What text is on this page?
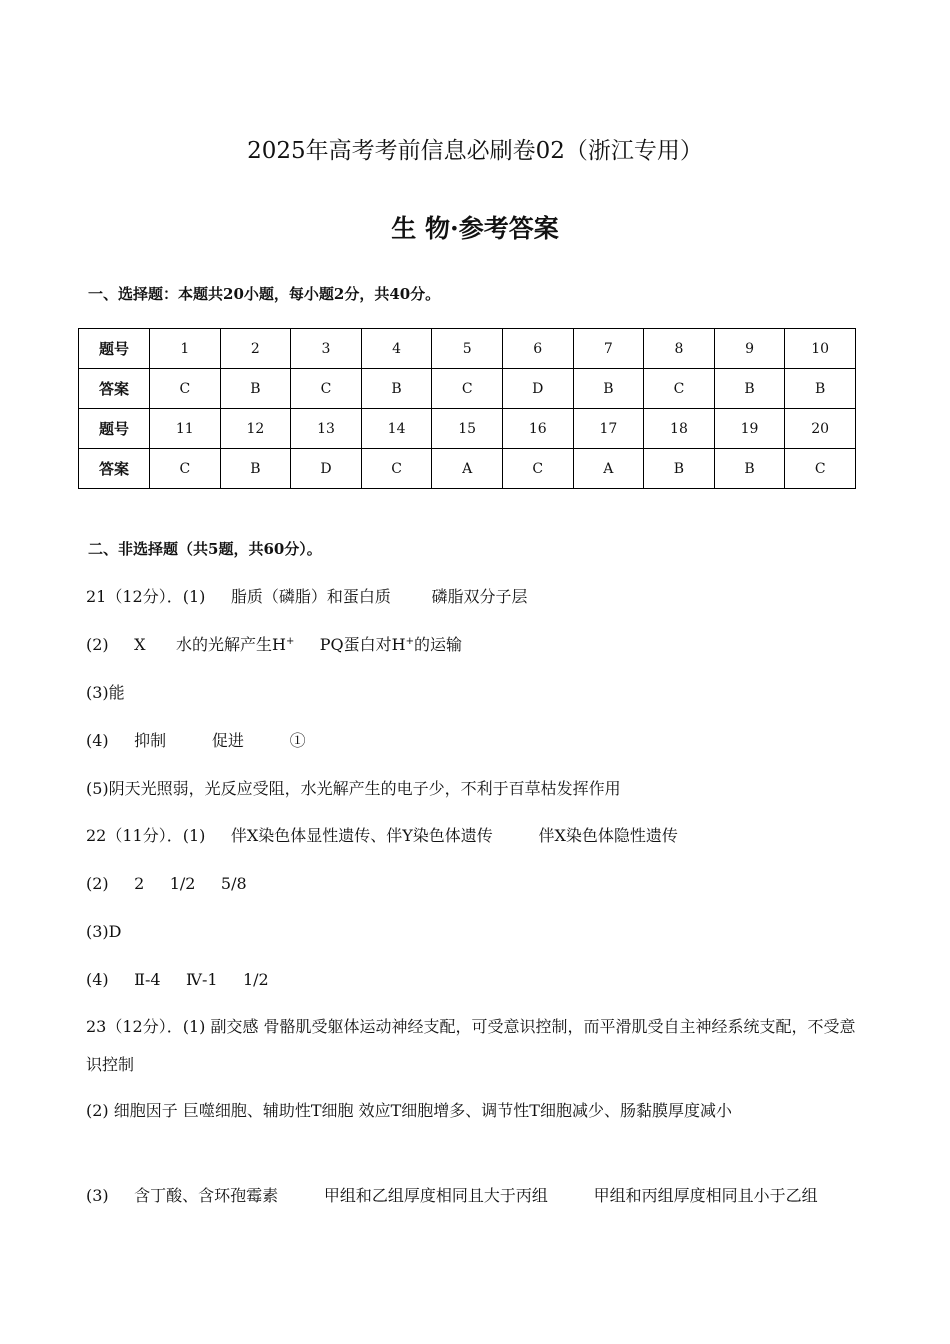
2025年高考考前信息必刷卷02（浙江专用）
生 物·参考答案
一、选择题：本题共20小题，每小题2分，共40分。
题号	1	2	3	4	5	6	7	8	9	10
答案	C	B	C	B	C	D	B	C	B	B
题号	11	12	13	14	15	16	17	18	19	20
答案	C	B	D	C	A	C	A	B	B	C
二、非选择题（共5题，共60分）。
21（12分）．(1)     脂质（磷脂）和蛋白质        磷脂双分子层
(2)     X      水的光解产生H+     PQ蛋白对H+的运输
(3)能
(4)     抑制         促进         ①
(5)阴天光照弱，光反应受阻，水光解产生的电子少，不利于百草枯发挥作用
22（11分）．(1)     伴X染色体显性遗传、伴Y染色体遗传         伴X染色体隐性遗传
(2)     2     1/2     5/8
(3)D
(4)     Ⅱ-4     Ⅳ-1     1/2
23（12分）．(1) 副交感 骨骼肌受躯体运动神经支配，可受意识控制，而平滑肌受自主神经系统支配，不受意识控制
(2) 细胞因子 巨噬细胞、辅助性T细胞 效应T细胞增多、调节性T细胞减少、肠黏膜厚度减小
(3)     含丁酸、含环孢霉素         甲组和乙组厚度相同且大于丙组         甲组和丙组厚度相同且小于乙组
